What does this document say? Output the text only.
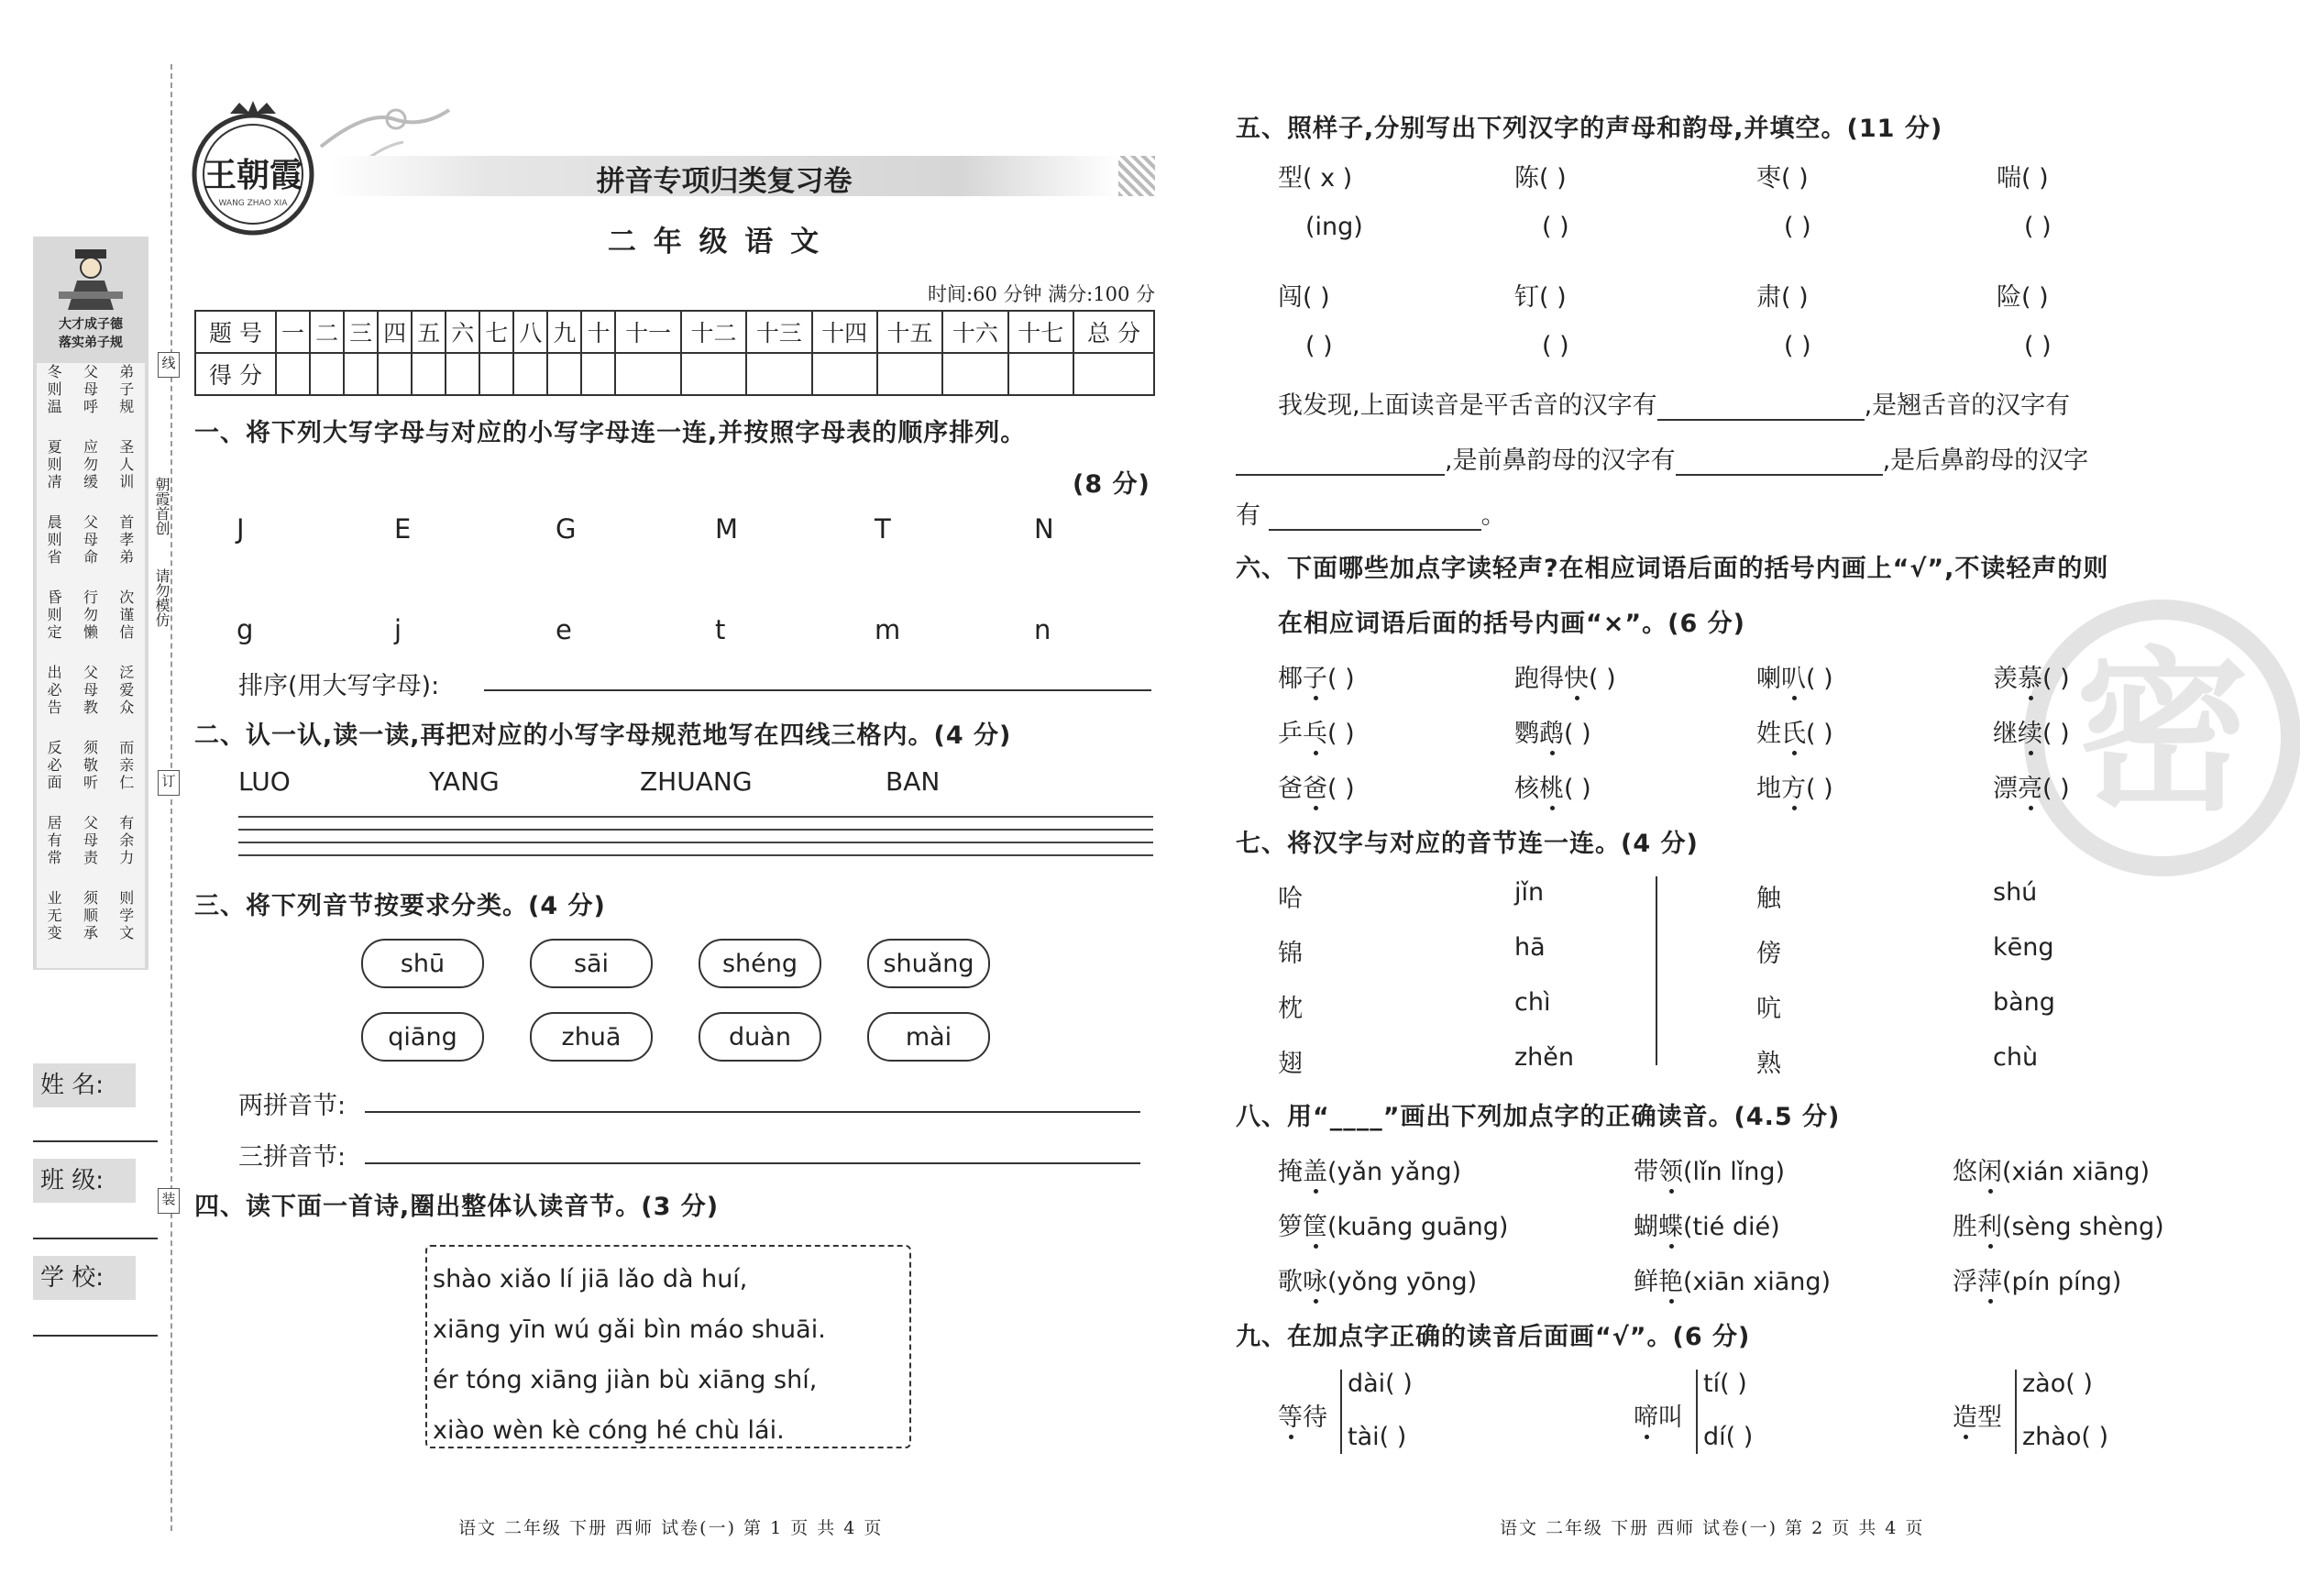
大才成子德
落实弟子规
冬则温
父母呼
弟子规
夏则凊
应勿缓
圣人训
晨则省
父母命
首孝弟
昏则定
行勿懒
次谨信
出必告
父母教
泛爱众
反必面
须敬听
而亲仁
居有常
父母责
有余力
业无变
须顺承
则学文
朝霞首创
请勿模仿
线
订
装
姓 名:
班 级:
学 校:
王朝霞
WANG ZHAO XIA
拼音专项归类复习卷
二 年 级 语 文
时间:60 分钟 满分:100 分
题 号	一	二	三	四	五	六	七	八	九	十	十一	十二	十三	十四	十五	十六	十七	总 分
得 分																		
一、将下列大写字母与对应的小写字母连一连,并按照字母表的顺序排列。
(8 分)
J	E	G	M	T	N
g	j	e	t	m	n
排序(用大写字母):
二、认一认,读一读,再把对应的小写字母规范地写在四线三格内。(4 分)
LUO	YANG	ZHUANG	BAN
三、将下列音节按要求分类。(4 分)
shū	sāi	shéng	shuǎng
qiāng	zhuā	duàn	mài
两拼音节:
三拼音节:
四、读下面一首诗,圈出整体认读音节。(3 分)
shào xiǎo lí jiā lǎo dà huí,
xiāng yīn wú gǎi bìn máo shuāi.
ér tóng xiāng jiàn bù xiāng shí,
xiào wèn kè cóng hé chù lái.
语文 二年级 下册 西师 试卷(一) 第 1 页 共 4 页
密
五、照样子,分别写出下列汉字的声母和韵母,并填空。(11 分)
型( x )	陈( )	枣( )	喘( )
(ing)	( )	( )	( )
闯( )	钉( )	肃( )	险( )
( )	( )	( )	( )
我发现,上面读音是平舌音的汉字有	,是翘舌音的汉字有
,是前鼻韵母的汉字有	,是后鼻韵母的汉字
有	。
六、下面哪些加点字读轻声?在相应词语后面的括号内画上“√”,不读轻声的则
在相应词语后面的括号内画“×”。(6 分)
椰子( )	跑得快( )	喇叭( )	羡慕( )
乒乓( )	鹦鹉( )	姓氏( )	继续( )
爸爸( )	核桃( )	地方( )	漂亮( )
七、将汉字与对应的音节连一连。(4 分)
哈
锦
枕
翅
jǐn
hā
chì
zhěn
触
傍
吭
熟
shú
kēng
bàng
chù
八、用“____”画出下列加点字的正确读音。(4.5 分)
掩盖(yǎn yǎng)	带领(lǐn lǐng)	悠闲(xián xiāng)
箩筐(kuāng guāng)	蝴蝶(tié dié)	胜利(sèng shèng)
歌咏(yǒng yōng)	鲜艳(xiān xiāng)	浮萍(pín píng)
九、在加点字正确的读音后面画“√”。(6 分)
等待
dài( )
tài( )
啼叫
tí( )
dí( )
造型
zào( )
zhào( )
语文 二年级 下册 西师 试卷(一) 第 2 页 共 4 页
